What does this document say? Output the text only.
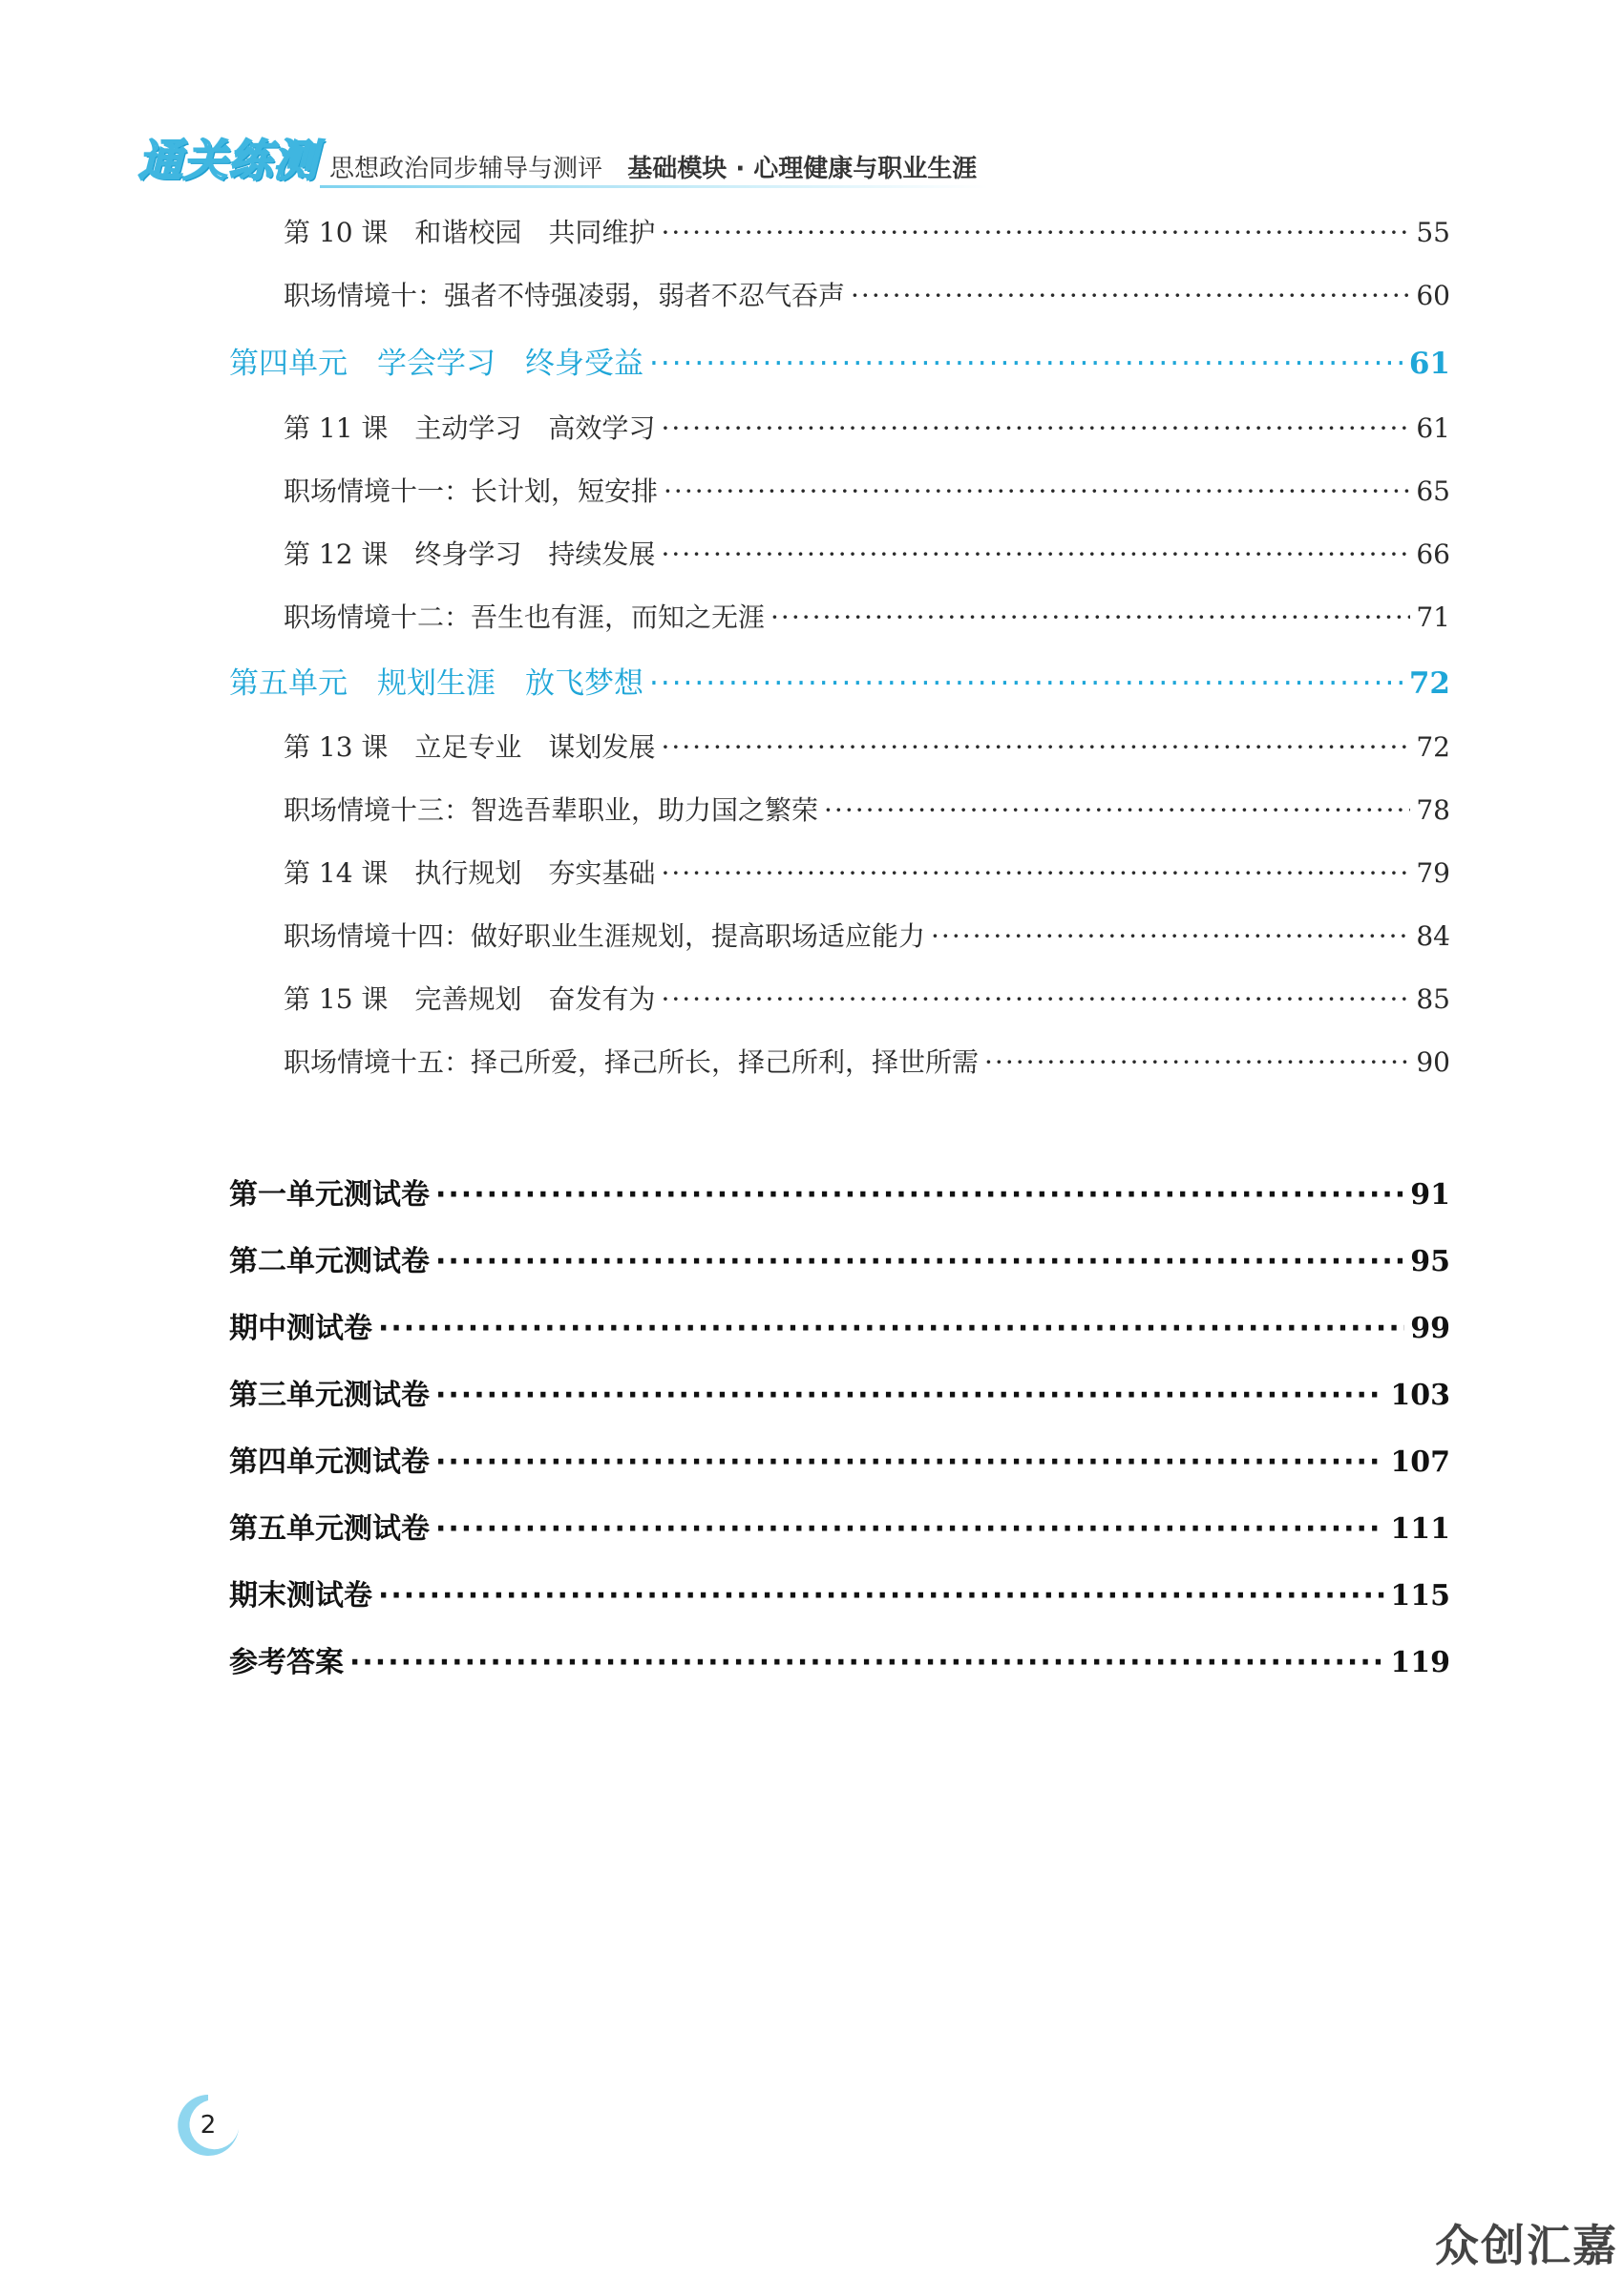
通关练测 思想政治同步辅导与测评 基础模块 · 心理健康与职业生涯
第 10 课　和谐校园　共同维护 ·····	55
职场情境十：强者不恃强凌弱，弱者不忍气吞声 ·····	60
第四单元　学会学习　终身受益 ·····	61
第 11 课　主动学习　高效学习 ·····	61
职场情境十一：长计划，短安排 ·····	65
第 12 课　终身学习　持续发展 ·····	66
职场情境十二：吾生也有涯，而知之无涯 ·····	71
第五单元　规划生涯　放飞梦想 ·····	72
第 13 课　立足专业　谋划发展 ·····	72
职场情境十三：智选吾辈职业，助力国之繁荣 ·····	78
第 14 课　执行规划　夯实基础 ·····	79
职场情境十四：做好职业生涯规划，提高职场适应能力 ·····	84
第 15 课　完善规划　奋发有为 ·····	85
职场情境十五：择己所爱，择己所长，择己所利，择世所需 ·····	90
第一单元测试卷 ·····	91
第二单元测试卷 ·····	95
期中测试卷 ·····	99
第三单元测试卷 ·····	103
第四单元测试卷 ·····	107
第五单元测试卷 ·····	111
期末测试卷 ·····	115
参考答案 ·····	119
2
众创汇嘉
